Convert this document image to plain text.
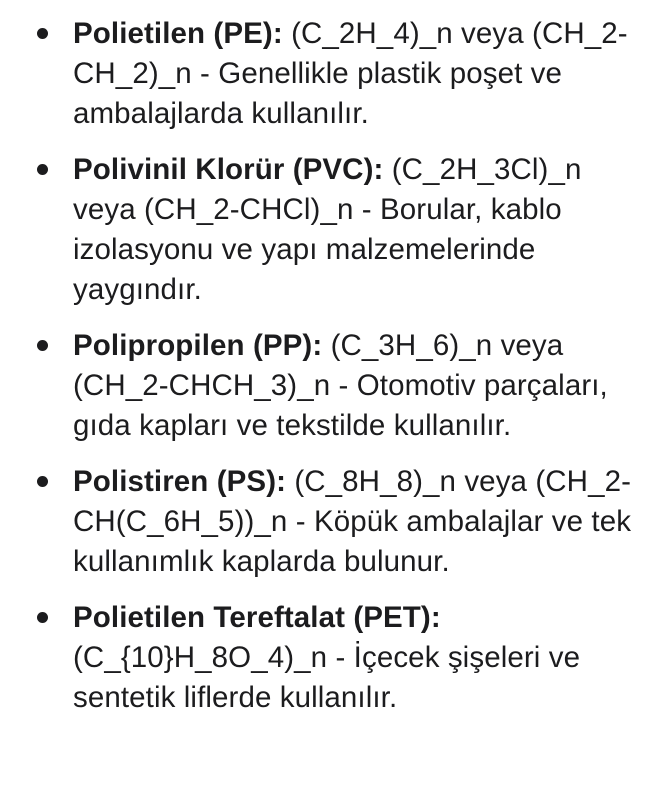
Polietilen (PE): (C_2H_4)_n veya (CH_2-CH_2)_n - Genellikle plastik poşet ve ambalajlarda kullanılır.
Polivinil Klorür (PVC): (C_2H_3Cl)_n veya (CH_2-CHCl)_n - Borular, kablo izolasyonu ve yapı malzemelerinde yaygındır.
Polipropilen (PP): (C_3H_6)_n veya (CH_2-CHCH_3)_n - Otomotiv parçaları, gıda kapları ve tekstilde kullanılır.
Polistiren (PS): (C_8H_8)_n veya (CH_2-CH(C_6H_5))_n - Köpük ambalajlar ve tek kullanımlık kaplarda bulunur.
Polietilen Tereftalat (PET): (C_{10}H_8O_4)_n - İçecek şişeleri ve sentetik liflerde kullanılır.
